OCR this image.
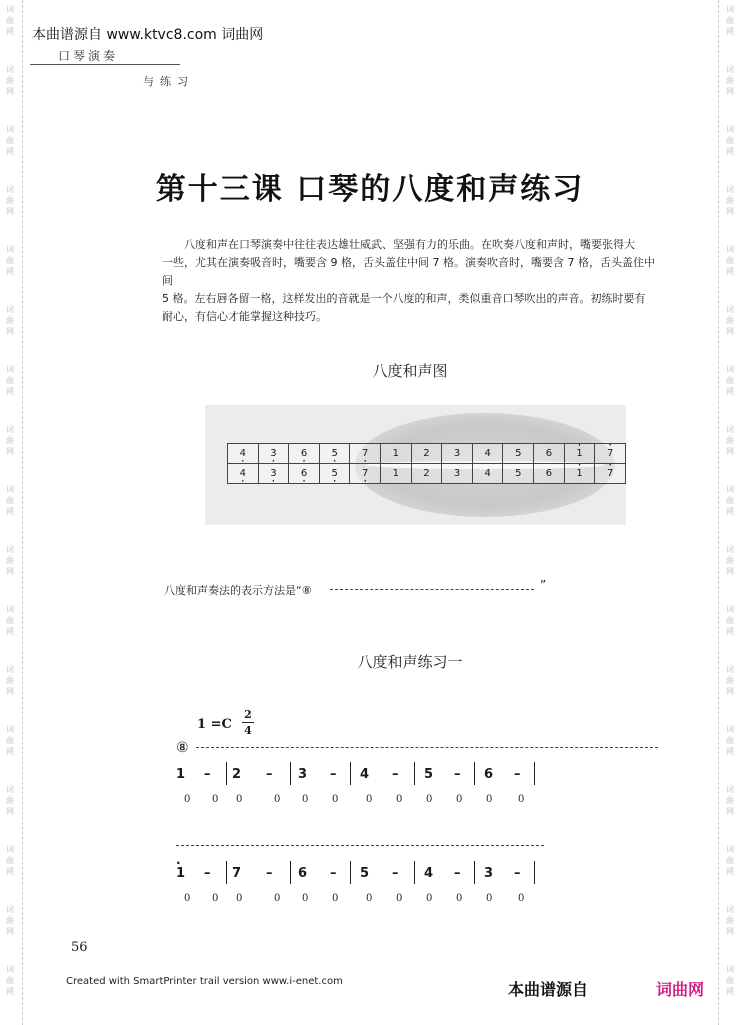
词
曲
网
词
曲
网
词
曲
网
词
曲
网
词
曲
网
词
曲
网
词
曲
网
词
曲
网
词
曲
网
词
曲
网
词
曲
网
词
曲
网
词
曲
网
词
曲
网
词
曲
网
词
曲
网
词
曲
网
词
曲
网
词
曲
网
词
曲
网
词
曲
网
词
曲
网
词
曲
网
词
曲
网
词
曲
网
词
曲
网
词
曲
网
词
曲
网
词
曲
网
词
曲
网
词
曲
网
词
曲
网
词
曲
网
词
曲
网
本曲谱源自 www.ktvc8.com 词曲网
口琴演奏
与练习
第十三课 口琴的八度和声练习
八度和声在口琴演奏中往往表达雄壮威武、坚强有力的乐曲。在吹奏八度和声时，嘴要张得大
一些，尤其在演奏吸音时，嘴要含 9 格，舌头盖住中间 7 格。演奏吹音时，嘴要含 7 格，舌头盖住中间
5 格。左右唇各留一格，这样发出的音就是一个八度的和声，类似重音口琴吹出的声音。初练时要有
耐心，有信心才能掌握这种技巧。
八度和声图
4 ·	3 ·	6 ·	5 ·	7 ·	1	2	3	4	5	6	· 1	· 7
4 ·	3 ·	6 ·	5 ·	7 ·	1	2	3	4	5	6	· 1	· 7
八度和声奏法的表示方法是“⑧	”
八度和声练习一
1 =C
2
4
⑧
1 – 2 – 3 – 4 – 5 – 6 –
0 0 0	0 0 0	0 0 0 0 0	0
· 1 – 7 – 6 – 5 – 4 – 3 –
0 0 0	0 0 0	0 0 0 0 0	0
56
Created with SmartPrinter trail version www.i-enet.com	本曲谱源自	词曲网
